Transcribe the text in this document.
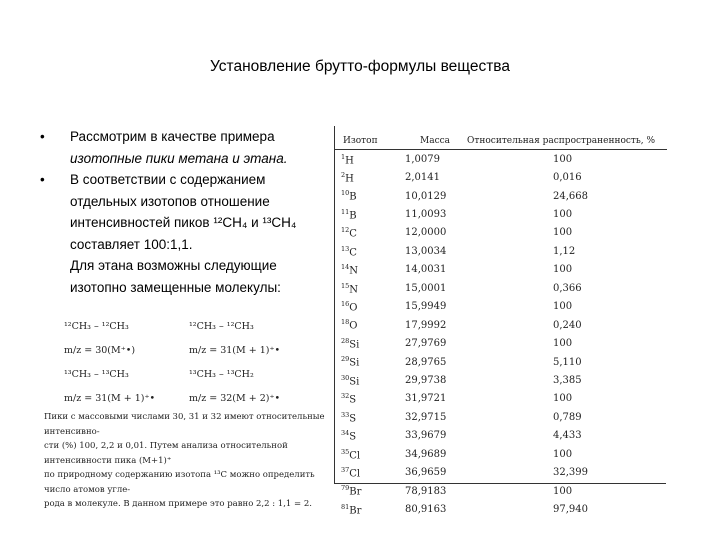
Установление брутто-формулы вещества
• Рассмотрим в качестве примера
изотопные пики метана и этана.
• В соответствии с содержанием отдельных изотопов отношение интенсивностей пиков ¹²CH₄ и ¹³CH₄ составляет 100:1,1.
Для этана возможны следующие изотопно замещенные молекулы:
¹²CH₃ – ¹²CH₃	¹²CH₃ – ¹²CH₃
m/z = 30(M⁺•)	m/z = 31(M + 1)⁺•
¹³CH₃ – ¹³CH₃	¹³CH₃ – ¹³CH₂
m/z = 31(M + 1)⁺•	m/z = 32(M + 2)⁺•
Пики с массовыми числами 30, 31 и 32 имеют относительные интенсивно-
сти (%) 100, 2,2 и 0,01. Путем анализа относительной интенсивности пика (M+1)⁺
по природному содержанию изотопа ¹³C можно определить число атомов угле-
рода в молекуле. В данном примере это равно 2,2 : 1,1 = 2.
Изотоп	Масса	Относительная распространенность, %
$^1$H	1,0079	100
$^2$H	2,0141	0,016
$^{10}$B	10,0129	24,668
$^{11}$B	11,0093	100
$^{12}$C	12,0000	100
$^{13}$C	13,0034	1,12
$^{14}$N	14,0031	100
$^{15}$N	15,0001	0,366
$^{16}$O	15,9949	100
$^{18}$O	17,9992	0,240
$^{28}$Si	27,9769	100
$^{29}$Si	28,9765	5,110
$^{30}$Si	29,9738	3,385
$^{32}$S	31,9721	100
$^{33}$S	32,9715	0,789
$^{34}$S	33,9679	4,433
$^{35}$Cl	34,9689	100
$^{37}$Cl	36,9659	32,399
$^{79}$Br	78,9183	100
$^{81}$Br	80,9163	97,940
